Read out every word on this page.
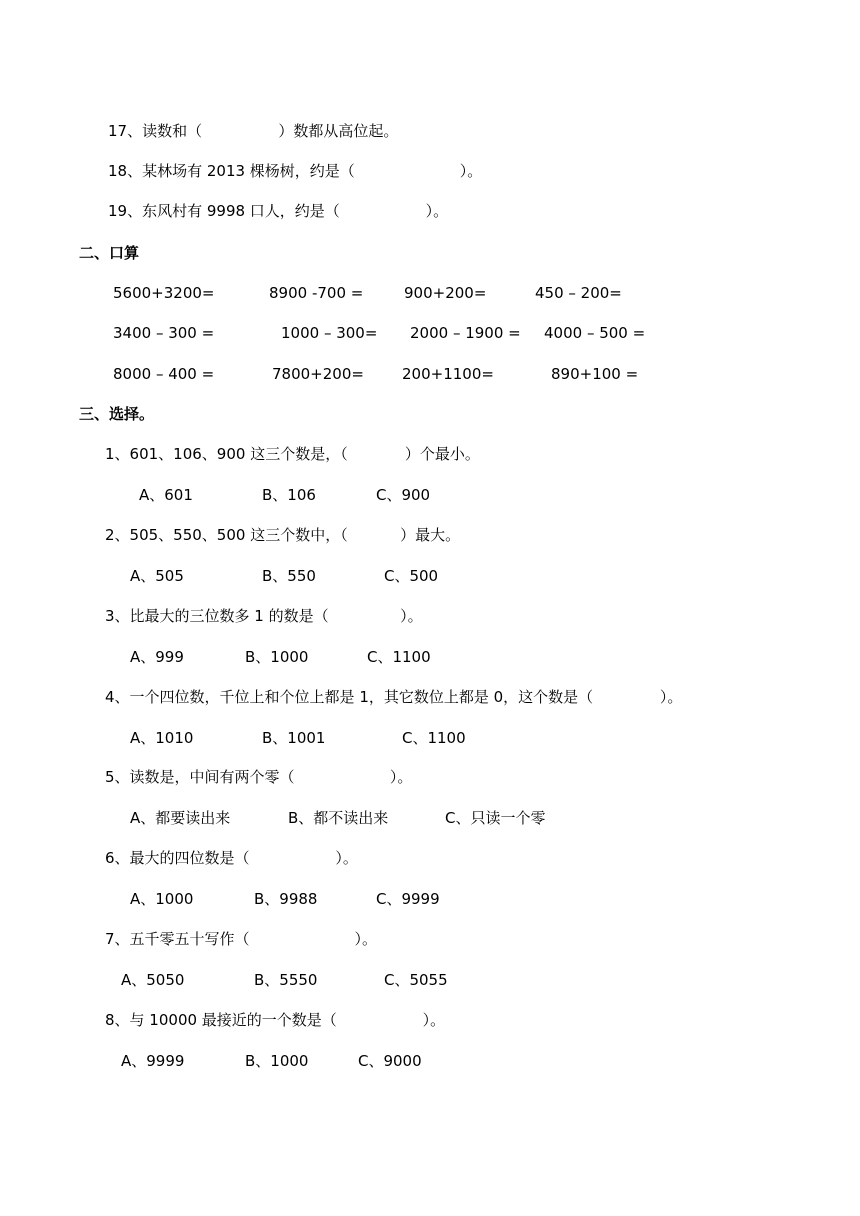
17、读数和（                ）数都从高位起。
18、某林场有 2013 棵杨树，约是（                      ）。
19、东风村有 9998 口人，约是（                  ）。
二、口算
5600+3200=	8900 -700 =	900+200=	450 – 200=
3400 – 300 =	1000 – 300= 2000 – 1900 = 4000 – 500 =
8000 – 400 =	7800+200=	200+1100=	890+100 =
三、选择。
1、601、106、900 这三个数是，（            ）个最小。
A、601	B、106	C、900
2、505、550、500 这三个数中，（           ）最大。
A、505	B、550	C、500
3、比最大的三位数多 1 的数是（               ）。
A、999	B、1000	C、1100
4、一个四位数，千位上和个位上都是 1，其它数位上都是 0，这个数是（              ）。
A、1010	B、1001	C、1100
5、读数是，中间有两个零（                    ）。
A、都要读出来	B、都不读出来	C、只读一个零
6、最大的四位数是（                  ）。
A、1000	B、9988	C、9999
7、五千零五十写作（                      ）。
A、5050	B、5550	C、5055
8、与 10000 最接近的一个数是（                  ）。
A、9999	B、1000	C、9000
